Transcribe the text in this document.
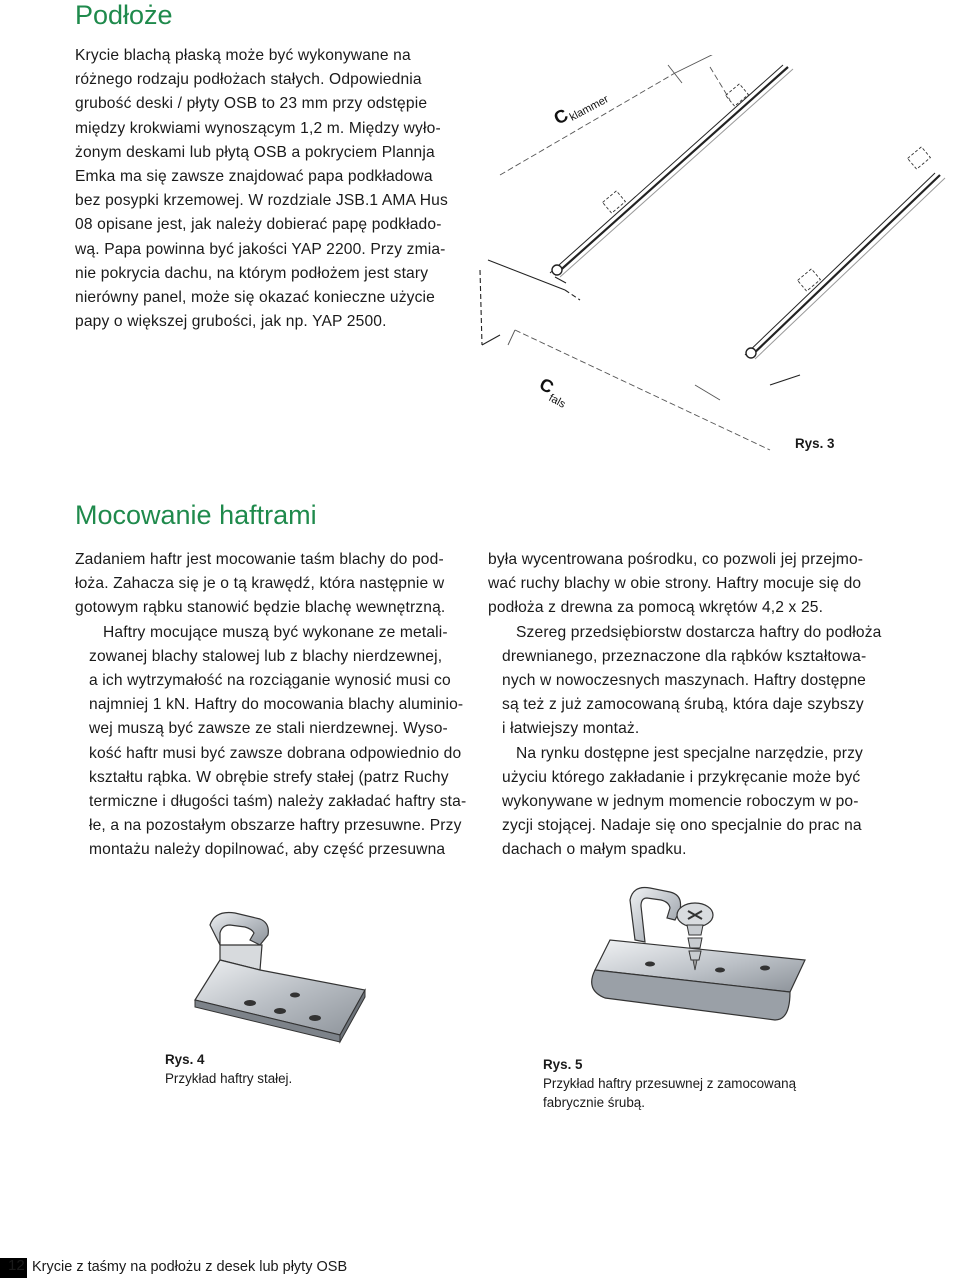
Podłoże

Krycie blachą płaską może być wykonywane na
różnego rodzaju podłożach stałych. Odpowiednia
grubość deski / płyty OSB to 23 mm przy odstępie
między krokwiami wynoszącym 1,2 m. Między wyło-
żonym deskami lub płytą OSB a pokryciem Plannja
Emka ma się zawsze znajdować papa podkładowa
bez posypki krzemowej. W rozdziale JSB.1 AMA Hus
08 opisane jest, jak należy dobierać papę podkłado-
wą. Papa powinna być jakości YAP 2200. Przy zmia-
nie pokrycia dachu, na którym podłożem jest stary
nierówny panel, może się okazać konieczne użycie
papy o większej grubości, jak np. YAP 2500.

C
klammer
C
fals
Rys. 3
Mocowanie haftrami

Zadaniem haftr jest mocowanie taśm blachy do pod-
łoża. Zahacza się je o tą krawędź, która następnie w
gotowym rąbku stanowić będzie blachę wewnętrzną.

Haftry mocujące muszą być wykonane ze metali-
zowanej blachy stalowej lub z blachy nierdzewnej,
a ich wytrzymałość na rozciąganie wynosić musi co
najmniej 1 kN. Haftry do mocowania blachy aluminio-
wej muszą być zawsze ze stali nierdzewnej. Wyso-
kość haftr musi być zawsze dobrana odpowiednio do
kształtu rąbka. W obrębie strefy stałej (patrz Ruchy
termiczne i długości taśm) należy zakładać haftry sta-
łe, a na pozostałym obszarze haftry przesuwne. Przy
montażu należy dopilnować, aby część przesuwna

była wycentrowana pośrodku, co pozwoli jej przejmo-
wać ruchy blachy w obie strony. Haftry mocuje się do
podłoża z drewna za pomocą wkrętów 4,2 x 25.

Szereg przedsiębiorstw dostarcza haftry do podłoża
drewnianego, przeznaczone dla rąbków kształtowa-
nych w nowoczesnych maszynach. Haftry dostępne
są też z już zamocowaną śrubą, która daje szybszy
i łatwiejszy montaż.

Na rynku dostępne jest specjalne narzędzie, przy
użyciu którego zakładanie i przykręcanie może być
wykonywane w jednym momencie roboczym w po-
zycji stojącej. Nadaje się ono specjalnie do prac na
dachach o małym spadku.

Rys. 4
Przykład haftry stałej.
Rys. 5
Przykład haftry przesuwnej z zamocowaną
fabrycznie śrubą.
12 Krycie z taśmy na podłożu z desek lub płyty OSB
